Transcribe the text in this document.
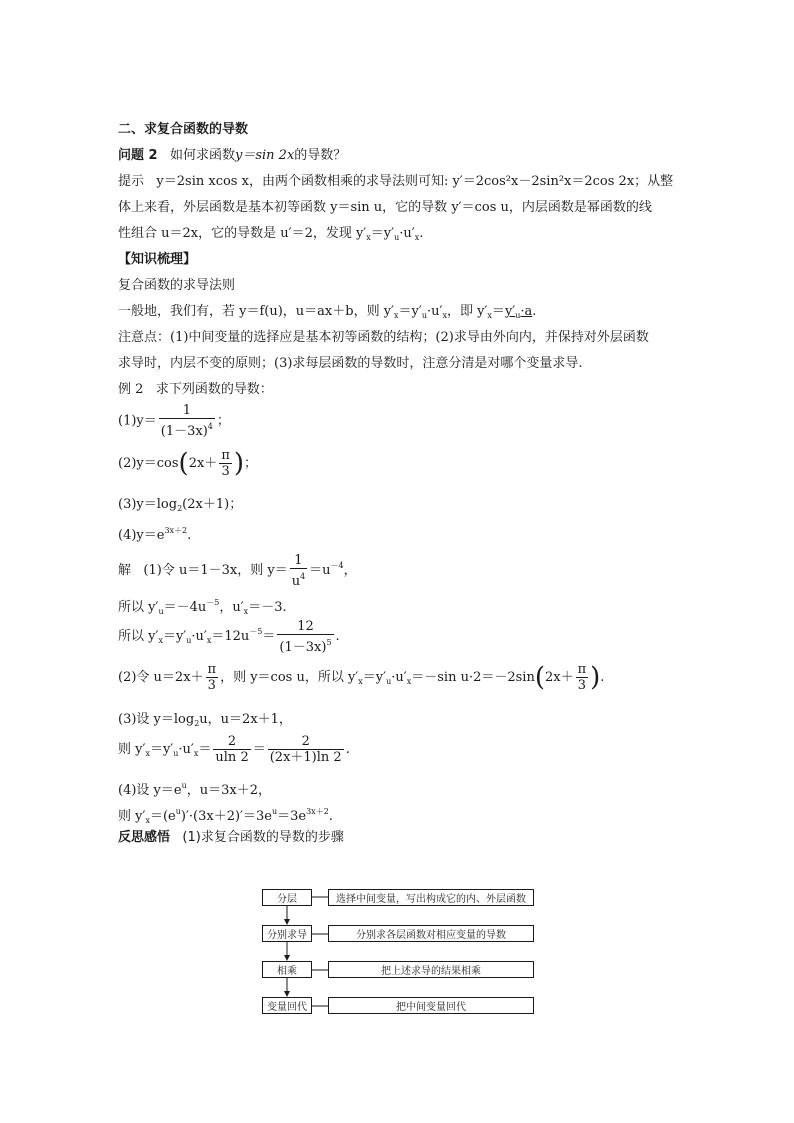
二、求复合函数的导数
问题 2 如何求函数y＝sin 2x的导数？
提示 y＝2sin xcos x，由两个函数相乘的求导法则可知: y′＝2cos²x－2sin²x＝2cos 2x；从整
体上来看，外层函数是基本初等函数 y＝sin u，它的导数 y′＝cos u，内层函数是幂函数的线
性组合 u＝2x，它的导数是 u′＝2，发现 $y'_x=y'_u\cdot u'_x$.
【知识梳理】
复合函数的求导法则
一般地，我们有，若 y＝f(u)，u＝ax＋b，则 $y'_x=y'_u\cdot u'_x$，即 $y'_x=y'_u\cdot a$.
注意点：(1)中间变量的选择应是基本初等函数的结构；(2)求导由外向内，并保持对外层函数
求导时，内层不变的原则；(3)求每层函数的导数时，注意分清是对哪个变量求导.
例 2 求下列函数的导数：
$(1)y= \frac{1}{(1-3x)^4}$ ；
$(2)y=\cos(2x+ \frac{\pi}{3}$ )；
$(3)y=\log_2(2x+1)$；
$(4)y=e^{3x+2}$.
解 (1)令 u＝1－3x，则 $y= \frac{1}{u^4} =u^{-4}$，
所以 $y'_u=-4u^{-5}$，$u'_x=-3$.
所以 $y'_x=y'_u\cdot u'_x=12u^{-5}= \frac{12}{(1-3x)^5}$ .
(2)令 $u=2x+ \frac{\pi}{3}$ ，则 y＝cos u，所以 $y'_x=y'_u\cdot u'_x=-\sin$ $u\cdot 2=-2\sin(2x+ \frac{\pi}{3}$ ).
(3)设 $y=\log_2u$，u＝2x＋1，
则 $y'_x=y'_u\cdot u'_x= \frac{2}{uln 2} = \frac{2}{(2x+1)\ln 2}$ .
(4)设 $y=e^u$，u＝3x＋2，
则 $y'_x=(e^u)'\cdot(3x+2)'=3e^u=3e^{3x+2}$.
反思感悟 (1)求复合函数的导数的步骤
分层	选择中间变量，写出构成它的内、外层函数
分别求导	分别求各层函数对相应变量的导数
相乘	把上述求导的结果相乘
变量回代	把中间变量回代
